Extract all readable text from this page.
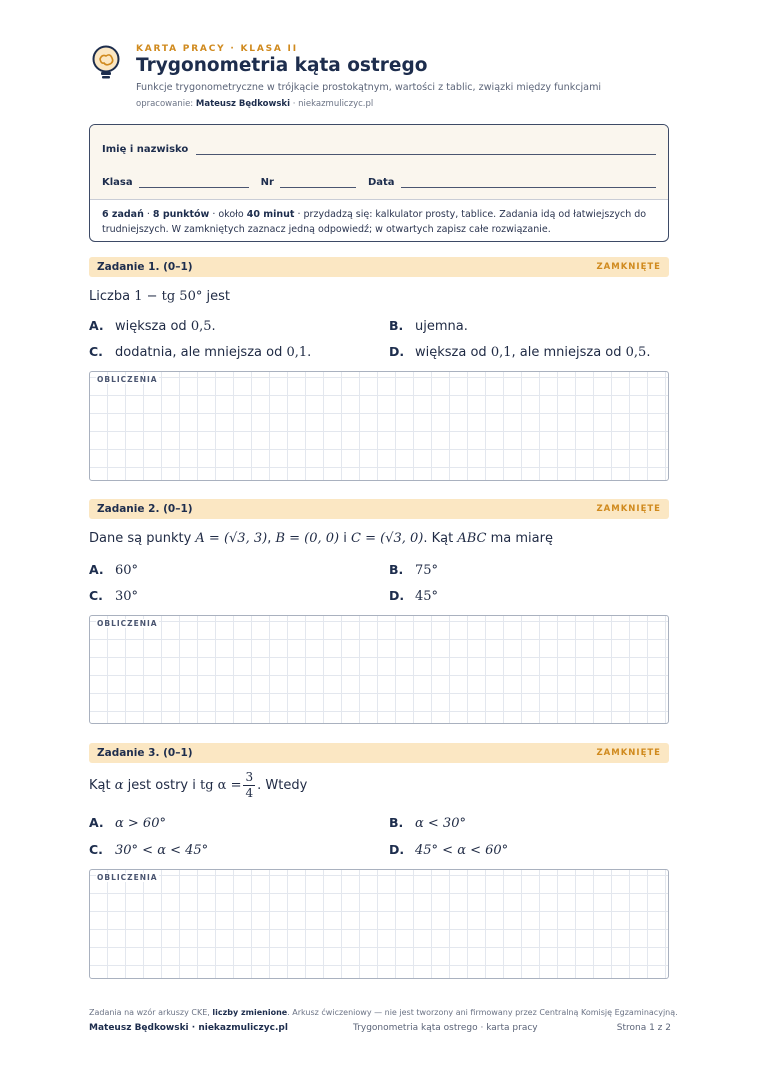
KARTA PRACY · KLASA II
Trygonometria kąta ostrego
Funkcje trygonometryczne w trójkącie prostokątnym, wartości z tablic, związki między funkcjami
opracowanie: Mateusz Będkowski · niekazmuliczyc.pl
Imię i nazwisko
Klasa	Nr	Data
6 zadań · 8 punktów · około 40 minut · przydadzą się: kalkulator prosty, tablice. Zadania idą od łatwiejszych do trudniejszych. W zamkniętych zaznacz jedną odpowiedź; w otwartych zapisz całe rozwiązanie.
Zadanie 1. (0–1)	ZAMKNIĘTE
Liczba 1 − tg 50° jest
A. większa od 0,5.	B. ujemna.
C. dodatnia, ale mniejsza od 0,1.	D. większa od 0,1, ale mniejsza od 0,5.
OBLICZENIA
Zadanie 2. (0–1)	ZAMKNIĘTE
Dane są punkty A = (√3, 3), B = (0, 0) i C = (√3, 0). Kąt ABC ma miarę
A. 60°	B. 75°
C. 30°	D. 45°
OBLICZENIA
Zadanie 3. (0–1)	ZAMKNIĘTE
Kąt α jest ostry i tg $\alpha = \frac{3}{4}$ . Wtedy
A. α > 60°	B. α < 30°
C. 30° < α < 45°	D. 45° < α < 60°
OBLICZENIA
Zadania na wzór arkuszy CKE, liczby zmienione. Arkusz ćwiczeniowy — nie jest tworzony ani firmowany przez Centralną Komisję Egzaminacyjną.
Mateusz Będkowski · niekazmuliczyc.pl	Trygonometria kąta ostrego · karta pracy	Strona 1 z 2
